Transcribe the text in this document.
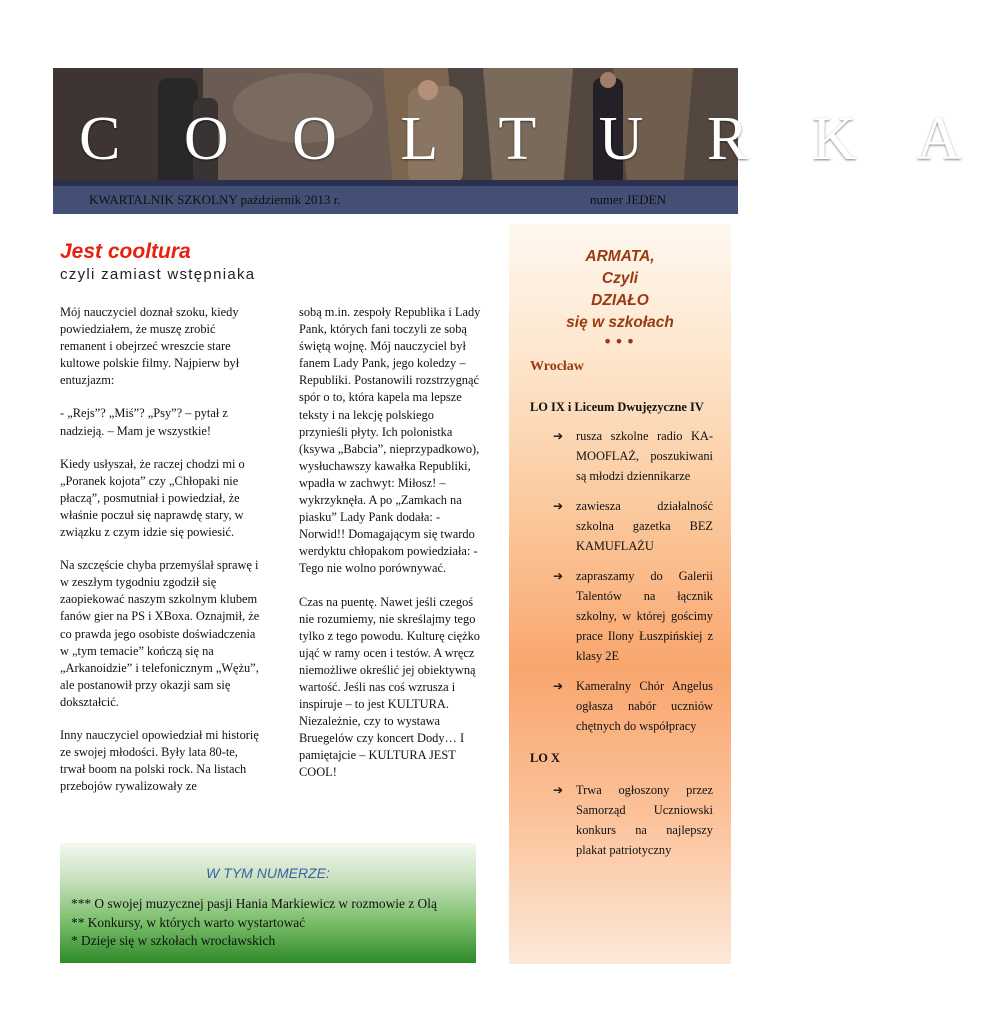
C O O L T U R K A
KWARTALNIK SZKOLNY październik 2013 r.	numer JEDEN
Jest cooltura
czyli zamiast wstępniaka

Mój nauczyciel doznał szoku, kiedy powiedziałem, że muszę zrobić remanent i obejrzeć wreszcie stare kultowe polskie filmy. Najpierw był entuzjazm:

- „Rejs”? „Miś”? „Psy”? – pytał z nadzieją. – Mam je wszystkie!

Kiedy usłyszał, że raczej chodzi mi o „Poranek kojota” czy „Chłopaki nie płaczą”, posmutniał i powiedział, że właśnie poczuł się naprawdę stary, w związku z czym idzie się powiesić.

Na szczęście chyba przemyślał sprawę i w zeszłym tygodniu zgodził się zaopiekować naszym szkolnym klubem fanów gier na PS i XBoxa. Oznajmił, że co prawda jego osobiste doświadczenia w „tym temacie” kończą się na „Arkanoidzie” i telefonicznym „Wężu”, ale postanowił przy okazji sam się dokształcić.

Inny nauczyciel opowiedział mi historię ze swojej młodości. Były lata 80-te, trwał boom na polski rock. Na listach przebojów rywalizowały ze

sobą m.in. zespoły Republika i Lady Pank, których fani toczyli ze sobą świętą wojnę. Mój nauczyciel był fanem Lady Pank, jego koledzy – Republiki. Postanowili rozstrzygnąć spór o to, która kapela ma lepsze teksty i na lekcję polskiego przynieśli płyty. Ich polonistka (ksywa „Babcia”, nieprzypadkowo), wysłuchawszy kawałka Republiki, wpadła w zachwyt: Miłosz! – wykrzyknęła. A po „Zamkach na piasku” Lady Pank dodała: - Norwid!! Domagającym się twardo werdyktu chłopakom powiedziała: -Tego nie wolno porównywać.

Czas na puentę. Nawet jeśli czegoś nie rozumiemy, nie skreślajmy tego tylko z tego powodu. Kulturę ciężko ująć w ramy ocen i testów. A wręcz niemożliwe określić jej obiektywną wartość. Jeśli nas coś wzrusza i inspiruje – to jest KULTURA. Niezależnie, czy to wystawa Bruegelów czy koncert Dody… I pamiętajcie – KULTURA JEST COOL!

W TYM NUMERZE:
*** O swojej muzycznej pasji Hania Markiewicz w rozmowie z Olą
** Konkursy, w których warto wystartować
* Dzieje się w szkołach wrocławskich
ARMATA,
Czyli
DZIAŁO
się w szkołach
•••
Wrocław
LO IX i Liceum Dwujęzyczne IV
➔ rusza szkolne radio KA-MOOFLAŻ, poszukiwani są młodzi dziennikarze
➔ zawiesza działalność szkolna gazetka BEZ KAMUFLAŻU
➔ zapraszamy do Galerii Talentów na łącznik szkolny, w której gościmy prace Ilony Łuszpińskiej z klasy 2E
➔ Kameralny Chór Angelus ogłasza nabór uczniów chętnych do współpracy
LO X
➔ Trwa ogłoszony przez Samorząd Uczniowski konkurs na najlepszy plakat patriotyczny
